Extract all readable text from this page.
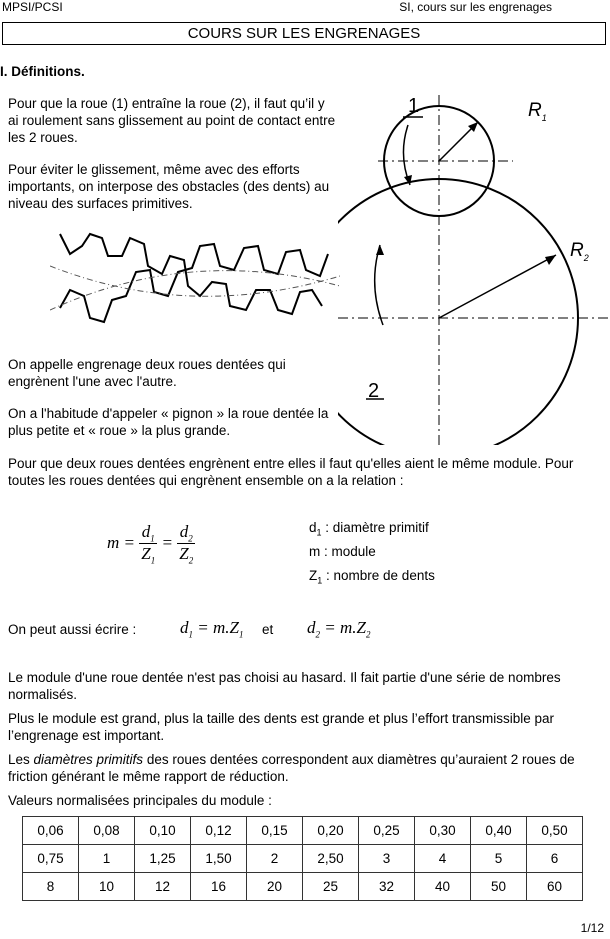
MPSI/PCSI	SI, cours sur les engrenages
COURS SUR LES ENGRENAGES
I. Définitions.
Pour que la roue (1) entraîne la roue (2), il faut qu’il y ai roulement sans glissement au point de contact entre les 2 roues.
Pour éviter le glissement, même avec des efforts importants, on interpose des obstacles (des dents) au niveau des surfaces primitives.
On appelle engrenage deux roues dentées qui engrènent l'une avec l'autre.
On a l'habitude d'appeler « pignon » la roue dentée la plus petite et « roue » la plus grande.
1
2
$R_1$
$R_2$
Pour que deux roues dentées engrènent entre elles il faut qu'elles aient le même module. Pour toutes les roues dentées qui engrènent ensemble on a la relation :
$m = \frac{d_1}{Z_1} = \frac{d_2}{Z_2}$	$d_1$ : diamètre primitif
m : module
$Z_1$ : nombre de dents
On peut aussi écrire :	$d_1 = m.Z_1$ et $d_2 = m.Z_2$
Le module d'une roue dentée n'est pas choisi au hasard. Il fait partie d'une série de nombres normalisés.
Plus le module est grand, plus la taille des dents est grande et plus l’effort transmissible par l’engrenage est important.
Les diamètres primitifs des roues dentées correspondent aux diamètres qu’auraient 2 roues de friction générant le même rapport de réduction.
Valeurs normalisées principales du module :
0,06	0,08	0,10	0,12	0,15	0,20	0,25	0,30	0,40	0,50
0,75	1	1,25	1,50	2	2,50	3	4	5	6
8	10	12	16	20	25	32	40	50	60
1/12
